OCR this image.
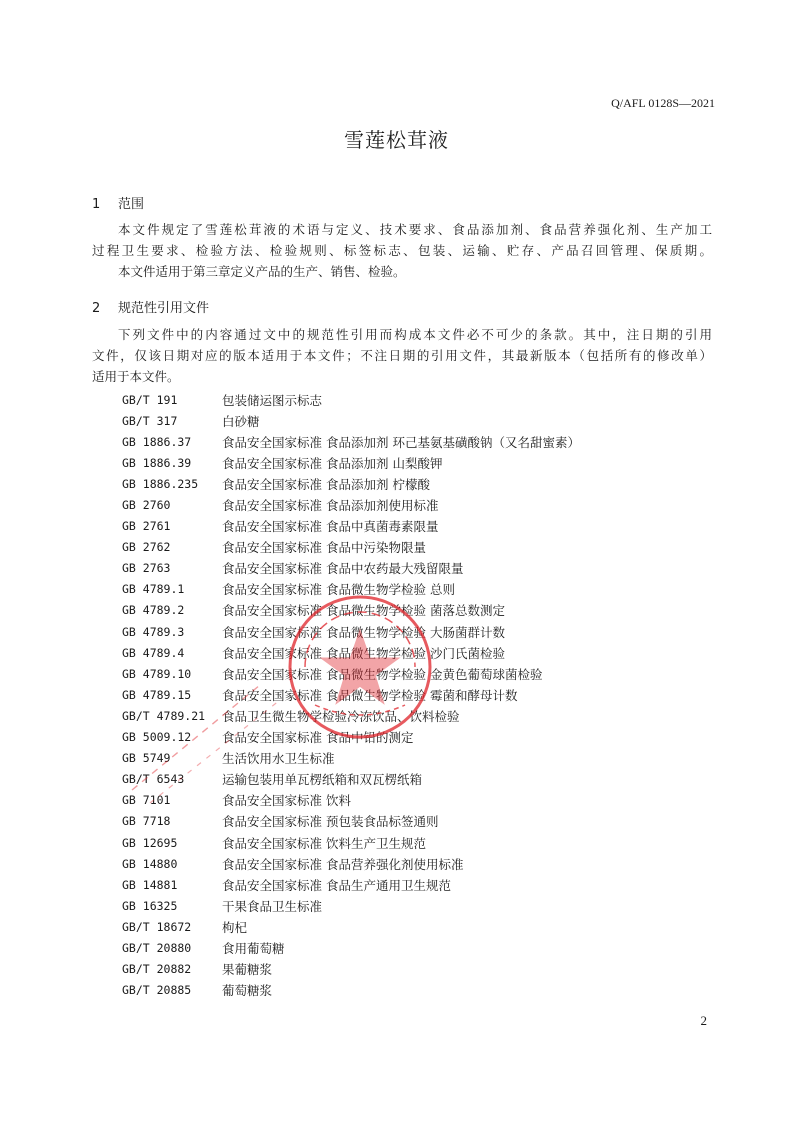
Q/AFL 0128S—2021
雪莲松茸液
1 范围

本文件规定了雪莲松茸液的术语与定义、技术要求、食品添加剂、食品营养强化剂、生产加工

过程卫生要求、检验方法、检验规则、标签标志、包装、运输、贮存、产品召回管理、保质期。

本文件适用于第三章定义产品的生产、销售、检验。

2 规范性引用文件

下列文件中的内容通过文中的规范性引用而构成本文件必不可少的条款。其中，注日期的引用

文件，仅该日期对应的版本适用于本文件；不注日期的引用文件，其最新版本（包括所有的修改单）

适用于本文件。

GB/T 191	包装储运图示标志
GB/T 317	白砂糖
GB 1886.37	食品安全国家标准 食品添加剂 环己基氨基磺酸钠（又名甜蜜素）
GB 1886.39	食品安全国家标准 食品添加剂 山梨酸钾
GB 1886.235	食品安全国家标准 食品添加剂 柠檬酸
GB 2760	食品安全国家标准 食品添加剂使用标准
GB 2761	食品安全国家标准 食品中真菌毒素限量
GB 2762	食品安全国家标准 食品中污染物限量
GB 2763	食品安全国家标准 食品中农药最大残留限量
GB 4789.1	食品安全国家标准 食品微生物学检验 总则
GB 4789.2	食品安全国家标准 食品微生物学检验 菌落总数测定
GB 4789.3	食品安全国家标准 食品微生物学检验 大肠菌群计数
GB 4789.4	食品安全国家标准 食品微生物学检验 沙门氏菌检验
GB 4789.10	食品安全国家标准 食品微生物学检验 金黄色葡萄球菌检验
GB 4789.15	食品安全国家标准 食品微生物学检验 霉菌和酵母计数
GB/T 4789.21	食品卫生微生物学检验冷冻饮品、饮料检验
GB 5009.12	食品安全国家标准 食品中铅的测定
GB 5749	生活饮用水卫生标准
GB/T 6543	运输包装用单瓦楞纸箱和双瓦楞纸箱
GB 7101	食品安全国家标准 饮料
GB 7718	食品安全国家标准 预包装食品标签通则
GB 12695	食品安全国家标准 饮料生产卫生规范
GB 14880	食品安全国家标准 食品营养强化剂使用标准
GB 14881	食品安全国家标准 食品生产通用卫生规范
GB 16325	干果食品卫生标准
GB/T 18672	枸杞
GB/T 20880	食用葡萄糖
GB/T 20882	果葡糖浆
GB/T 20885	葡萄糖浆
2
